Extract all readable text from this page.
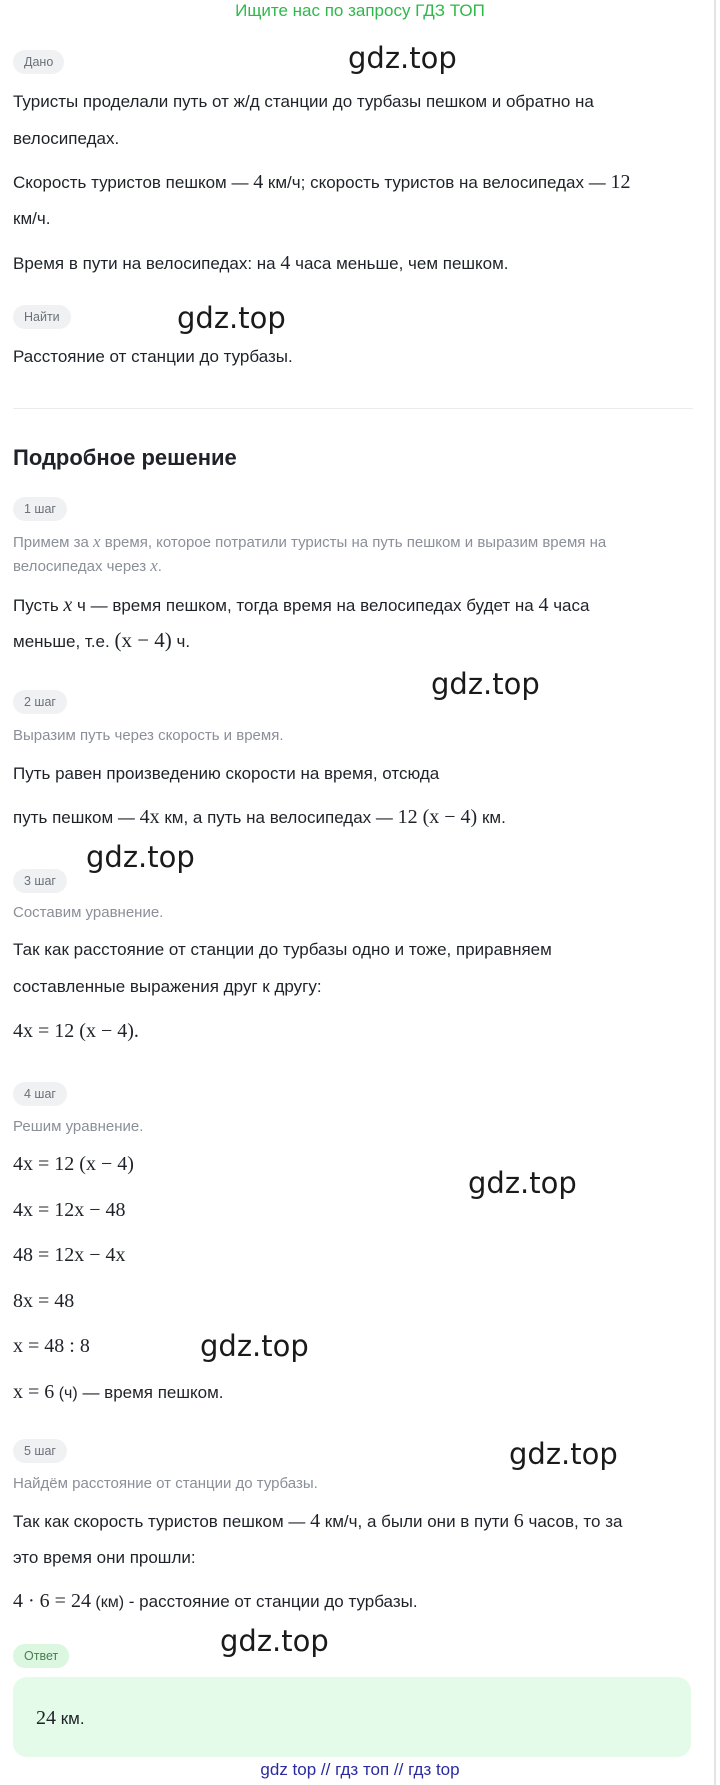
Ищите нас по запросу ГДЗ ТОП
Дано	gdz.top
Туристы проделали путь от ж/д станции до турбазы пешком и обратно на
велосипедах.
Скорость туристов пешком — 4 км/ч; скорость туристов на велосипедах — 12
км/ч.
Время в пути на велосипедах: на 4 часа меньше, чем пешком.
Найти	gdz.top
Расстояние от станции до турбазы.
Подробное решение
1 шаг
Примем за x время, которое потратили туристы на путь пешком и выразим время на
велосипедах через x.
Пусть x ч — время пешком, тогда время на велосипедах будет на 4 часа
меньше, т.е. (x − 4) ч.
2 шаг
gdz.top
Выразим путь через скорость и время.
Путь равен произведению скорости на время, отсюда
путь пешком — 4x км, а путь на велосипедах — 12 (x − 4) км.
gdz.top
3 шаг
Составим уравнение.
Так как расстояние от станции до турбазы одно и тоже, приравняем
составленные выражения друг к другу:
4x = 12 (x − 4).
4 шаг
Решим уравнение.
4x = 12 (x − 4)
gdz.top
4x = 12x − 48
48 = 12x − 4x
8x = 48
x = 48 : 8	gdz.top
x = 6 (ч) — время пешком.
5 шаг	gdz.top
Найдём расстояние от станции до турбазы.
Так как скорость туристов пешком — 4 км/ч, а были они в пути 6 часов, то за
это время они прошли:
4 · 6 = 24 (км) - расстояние от станции до турбазы.
Ответ	gdz.top
24 км.
gdz top // гдз топ // гдз top
